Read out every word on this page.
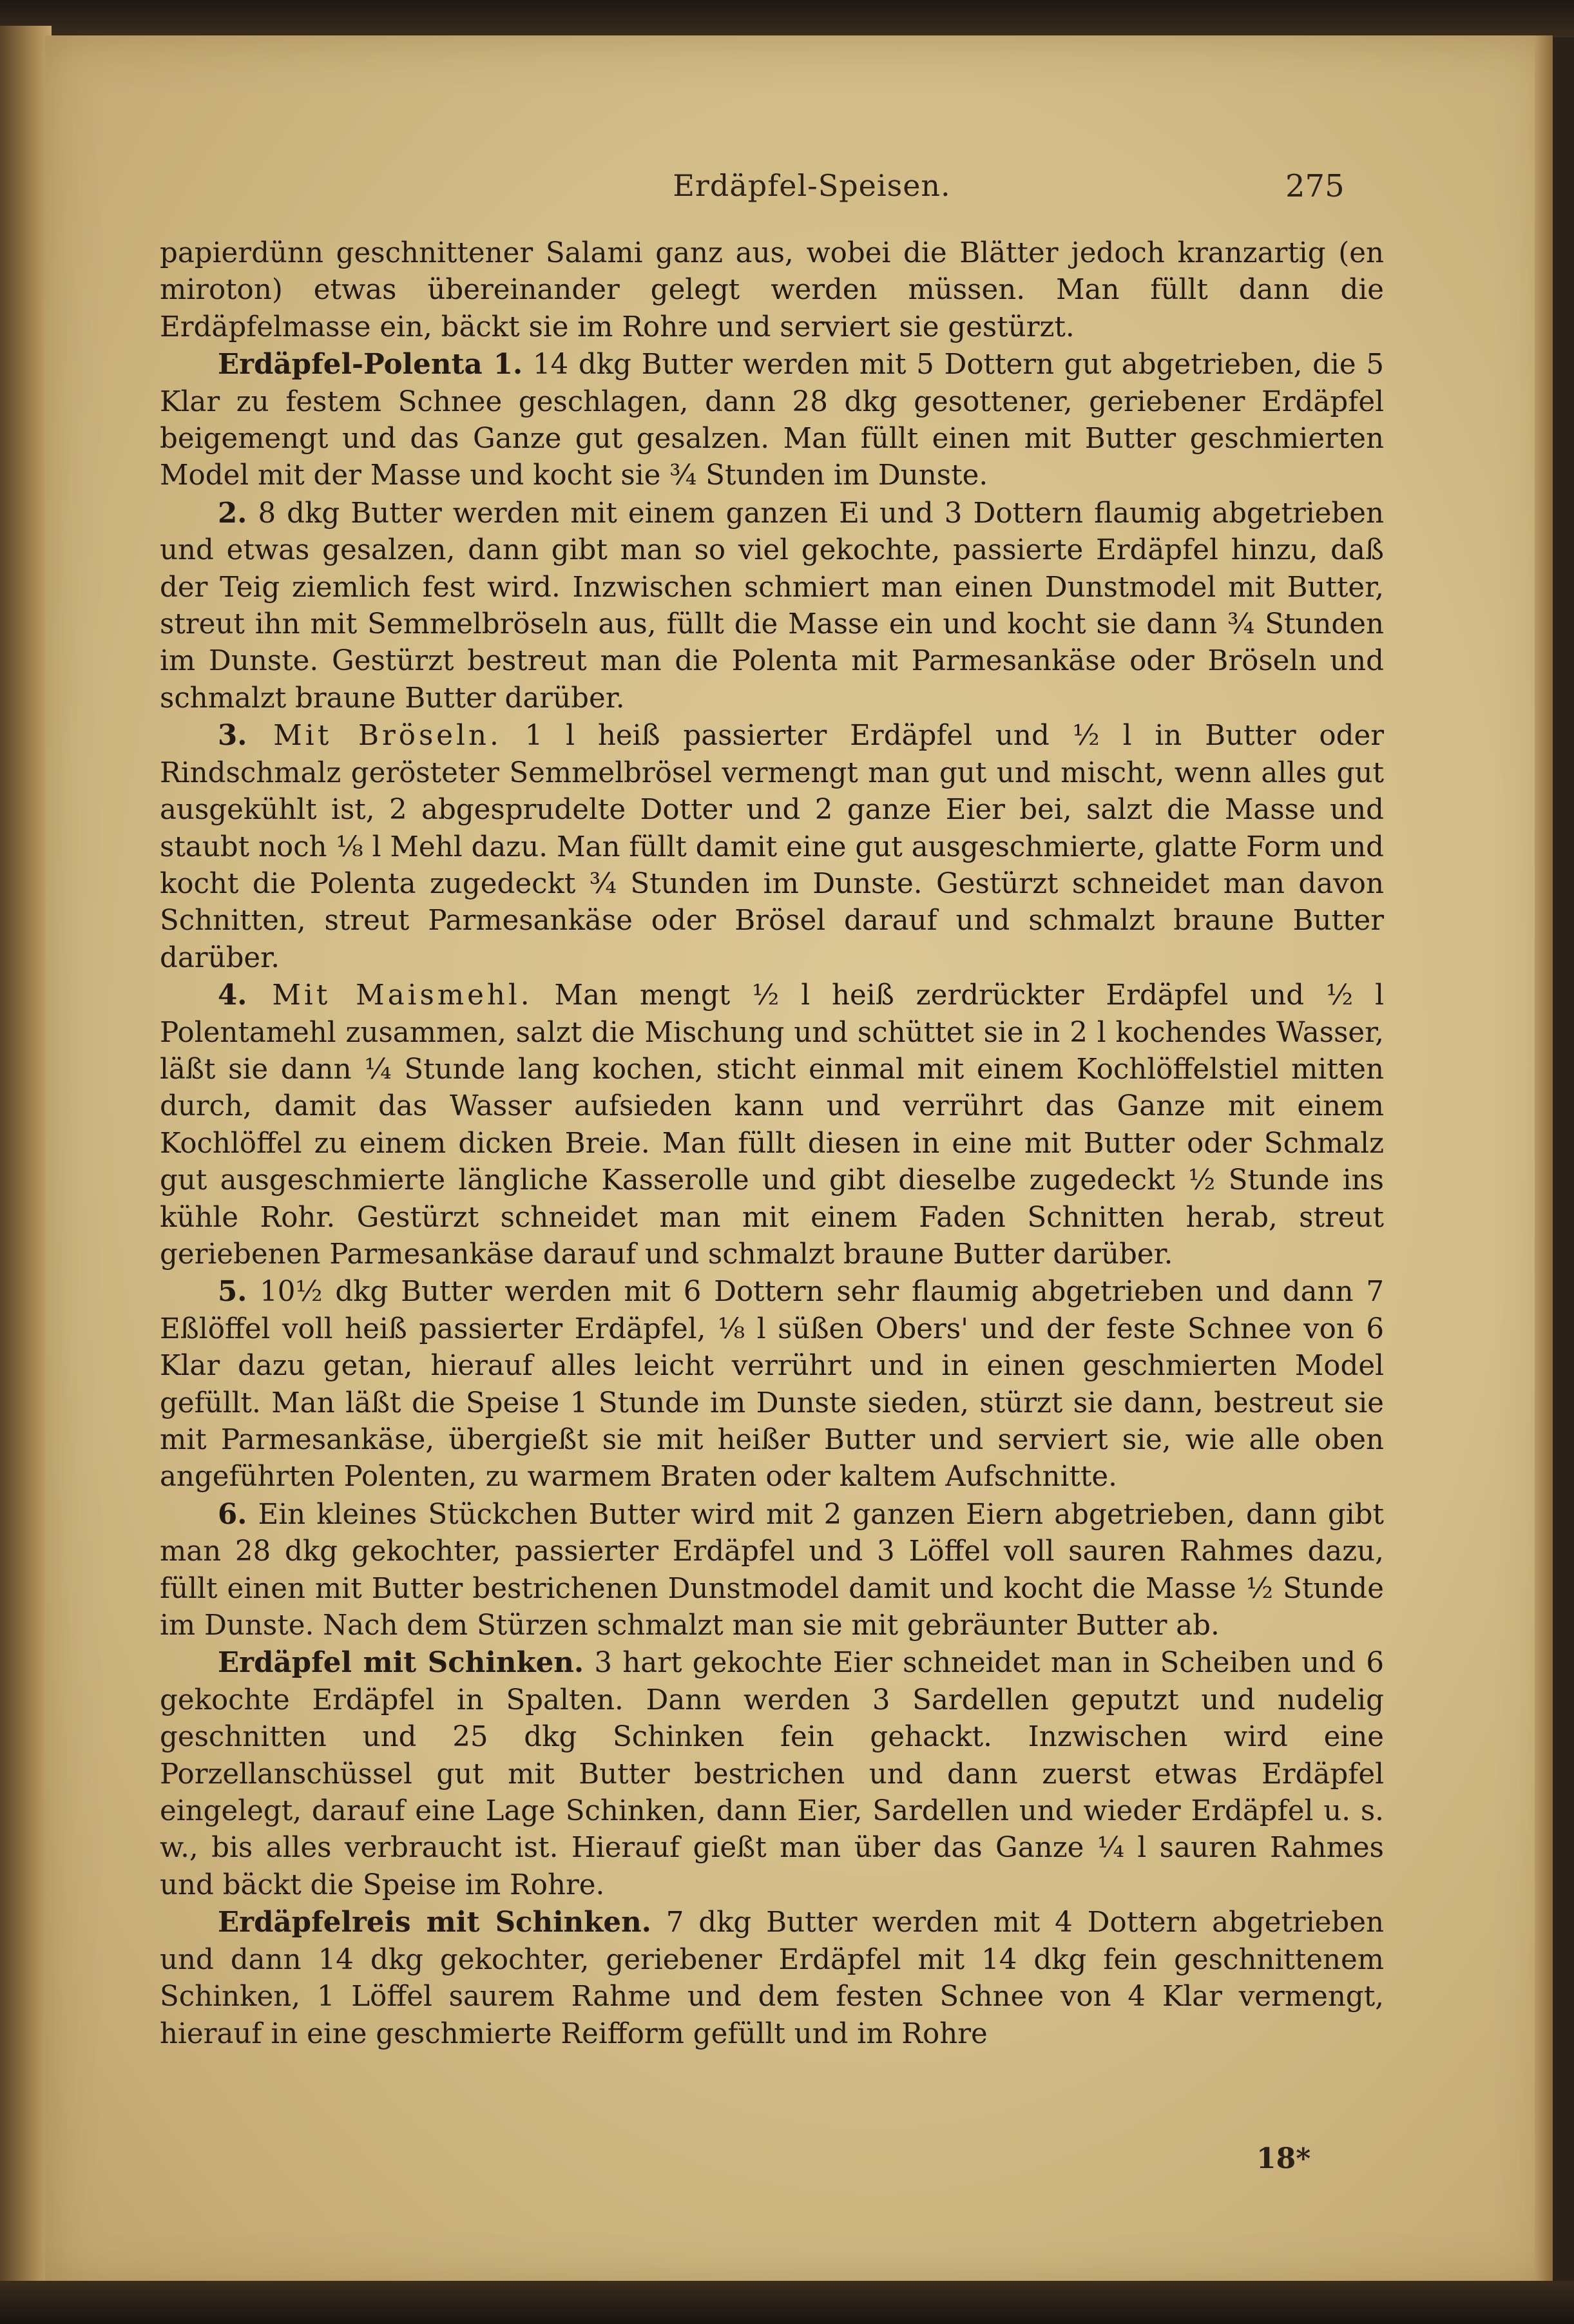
Erdäpfel-Speisen.	275

papierdünn geschnittener Salami ganz aus, wobei die Blätter jedoch kranzartig (en miroton) etwas übereinander gelegt werden müssen. Man füllt dann die Erdäpfelmasse ein, bäckt sie im Rohre und serviert sie gestürzt.

Erdäpfel-Polenta 1. 14 dkg Butter werden mit 5 Dottern gut abgetrieben, die 5 Klar zu festem Schnee geschlagen, dann 28 dkg gesottener, geriebener Erdäpfel beigemengt und das Ganze gut gesalzen. Man füllt einen mit Butter geschmierten Model mit der Masse und kocht sie ¾ Stunden im Dunste.

2. 8 dkg Butter werden mit einem ganzen Ei und 3 Dottern flaumig abgetrieben und etwas gesalzen, dann gibt man so viel gekochte, passierte Erdäpfel hinzu, daß der Teig ziemlich fest wird. Inzwischen schmiert man einen Dunstmodel mit Butter, streut ihn mit Semmelbröseln aus, füllt die Masse ein und kocht sie dann ¾ Stunden im Dunste. Gestürzt bestreut man die Polenta mit Parmesankäse oder Bröseln und schmalzt braune Butter darüber.

3. Mit Bröseln. 1 l heiß passierter Erdäpfel und ½ l in Butter oder Rindschmalz gerösteter Semmelbrösel vermengt man gut und mischt, wenn alles gut ausgekühlt ist, 2 abgesprudelte Dotter und 2 ganze Eier bei, salzt die Masse und staubt noch ⅛ l Mehl dazu. Man füllt damit eine gut ausgeschmierte, glatte Form und kocht die Polenta zugedeckt ¾ Stunden im Dunste. Gestürzt schneidet man davon Schnitten, streut Parmesankäse oder Brösel darauf und schmalzt braune Butter darüber.

4. Mit Maismehl. Man mengt ½ l heiß zerdrückter Erdäpfel und ½ l Polentamehl zusammen, salzt die Mischung und schüttet sie in 2 l kochendes Wasser, läßt sie dann ¼ Stunde lang kochen, sticht einmal mit einem Kochlöffelstiel mitten durch, damit das Wasser aufsieden kann und verrührt das Ganze mit einem Kochlöffel zu einem dicken Breie. Man füllt diesen in eine mit Butter oder Schmalz gut ausgeschmierte längliche Kasserolle und gibt dieselbe zugedeckt ½ Stunde ins kühle Rohr. Gestürzt schneidet man mit einem Faden Schnitten herab, streut geriebenen Parmesankäse darauf und schmalzt braune Butter darüber.

5. 10½ dkg Butter werden mit 6 Dottern sehr flaumig abgetrieben und dann 7 Eßlöffel voll heiß passierter Erdäpfel, ⅛ l süßen Obers' und der feste Schnee von 6 Klar dazu getan, hierauf alles leicht verrührt und in einen geschmierten Model gefüllt. Man läßt die Speise 1 Stunde im Dunste sieden, stürzt sie dann, bestreut sie mit Parmesankäse, übergießt sie mit heißer Butter und serviert sie, wie alle oben angeführten Polenten, zu warmem Braten oder kaltem Aufschnitte.

6. Ein kleines Stückchen Butter wird mit 2 ganzen Eiern abgetrieben, dann gibt man 28 dkg gekochter, passierter Erdäpfel und 3 Löffel voll sauren Rahmes dazu, füllt einen mit Butter bestrichenen Dunstmodel damit und kocht die Masse ½ Stunde im Dunste. Nach dem Stürzen schmalzt man sie mit gebräunter Butter ab.

Erdäpfel mit Schinken. 3 hart gekochte Eier schneidet man in Scheiben und 6 gekochte Erdäpfel in Spalten. Dann werden 3 Sardellen geputzt und nudelig geschnitten und 25 dkg Schinken fein gehackt. Inzwischen wird eine Porzellanschüssel gut mit Butter bestrichen und dann zuerst etwas Erdäpfel eingelegt, darauf eine Lage Schinken, dann Eier, Sardellen und wieder Erdäpfel u. s. w., bis alles verbraucht ist. Hierauf gießt man über das Ganze ¼ l sauren Rahmes und bäckt die Speise im Rohre.

Erdäpfelreis mit Schinken. 7 dkg Butter werden mit 4 Dottern abgetrieben und dann 14 dkg gekochter, geriebener Erdäpfel mit 14 dkg fein geschnittenem Schinken, 1 Löffel saurem Rahme und dem festen Schnee von 4 Klar vermengt, hierauf in eine geschmierte Reifform gefüllt und im Rohre

18*
